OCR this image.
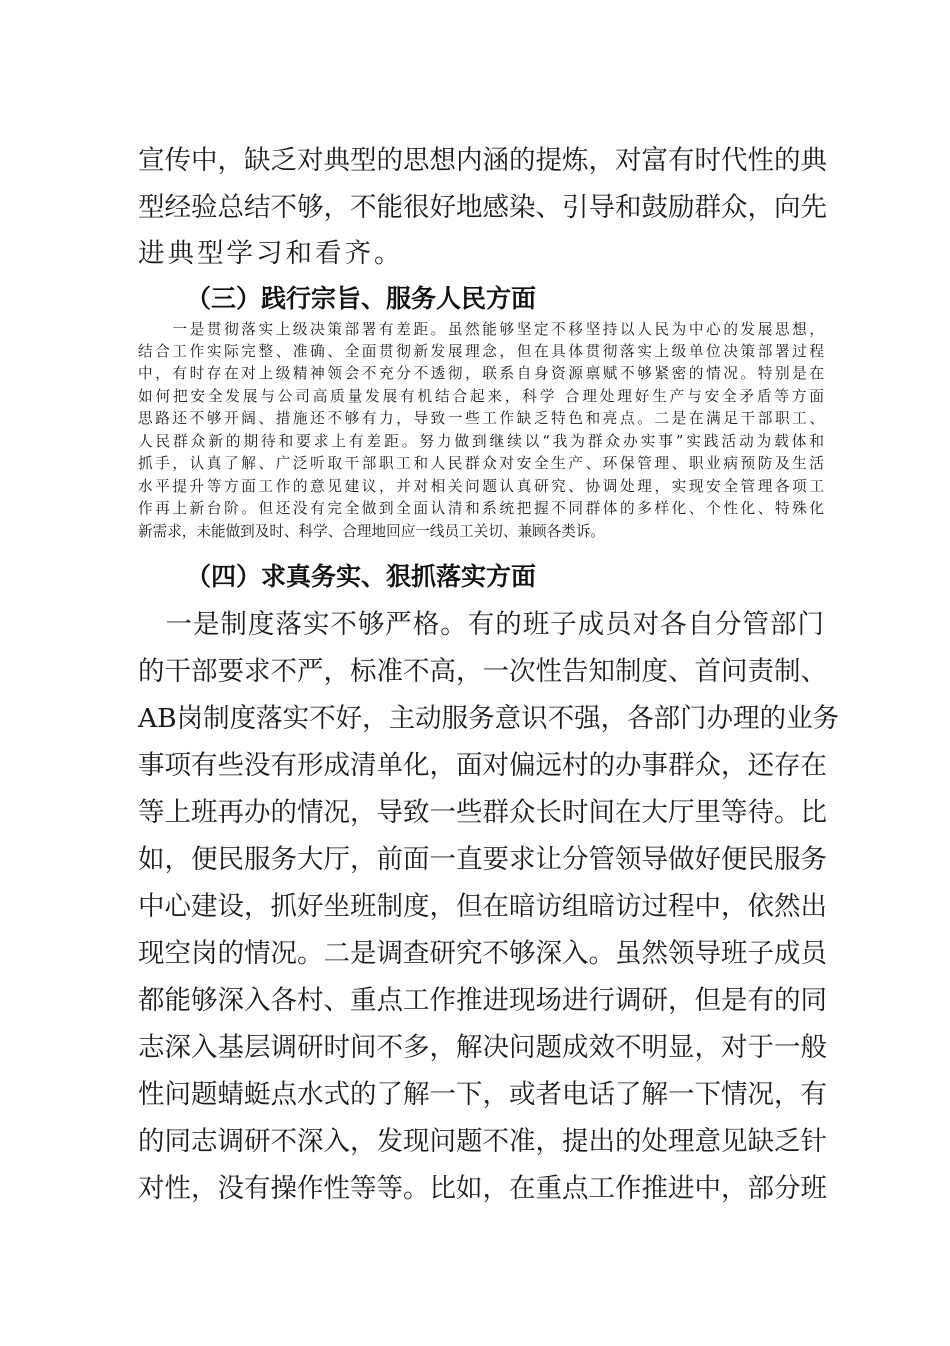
宣传中，缺乏对典型的思想内涵的提炼，对富有时代性的典

型经验总结不够，不能很好地感染、引导和鼓励群众，向先

进典型学习和看齐。

（三）践行宗旨、服务人民方面

　　一是贯彻落实上级决策部署有差距。虽然能够坚定不移坚持以人民为中心的发展思想，

结合工作实际完整、准确、全面贯彻新发展理念，但在具体贯彻落实上级单位决策部署过程

中，有时存在对上级精神领会不充分不透彻，联系自身资源禀赋不够紧密的情况。特别是在

如何把安全发展与公司高质量发展有机结合起来，科学 合理处理好生产与安全矛盾等方面

思路还不够开阔、措施还不够有力，导致一些工作缺乏特色和亮点。二是在满足干部职工、

人民群众新的期待和要求上有差距。努力做到继续以“我为群众办实事”实践活动为载体和

抓手，认真了解、广泛听取干部职工和人民群众对安全生产、环保管理、职业病预防及生活

水平提升等方面工作的意见建议，并对相关问题认真研究、协调处理，实现安全管理各项工

作再上新台阶。但还没有完全做到全面认清和系统把握不同群体的多样化、个性化、特殊化

新需求，未能做到及时、科学、合理地回应一线员工关切、兼顾各类诉。

（四）求真务实、狠抓落实方面

　一是制度落实不够严格。有的班子成员对各自分管部门

的干部要求不严，标准不高，一次性告知制度、首问责制、

AB岗制度落实不好，主动服务意识不强，各部门办理的业务

事项有些没有形成清单化，面对偏远村的办事群众，还存在

等上班再办的情况，导致一些群众长时间在大厅里等待。比

如，便民服务大厅，前面一直要求让分管领导做好便民服务

中心建设，抓好坐班制度，但在暗访组暗访过程中，依然出

现空岗的情况。二是调查研究不够深入。虽然领导班子成员

都能够深入各村、重点工作推进现场进行调研，但是有的同

志深入基层调研时间不多，解决问题成效不明显，对于一般

性问题蜻蜓点水式的了解一下，或者电话了解一下情况，有

的同志调研不深入，发现问题不准，提出的处理意见缺乏针

对性，没有操作性等等。比如，在重点工作推进中，部分班
